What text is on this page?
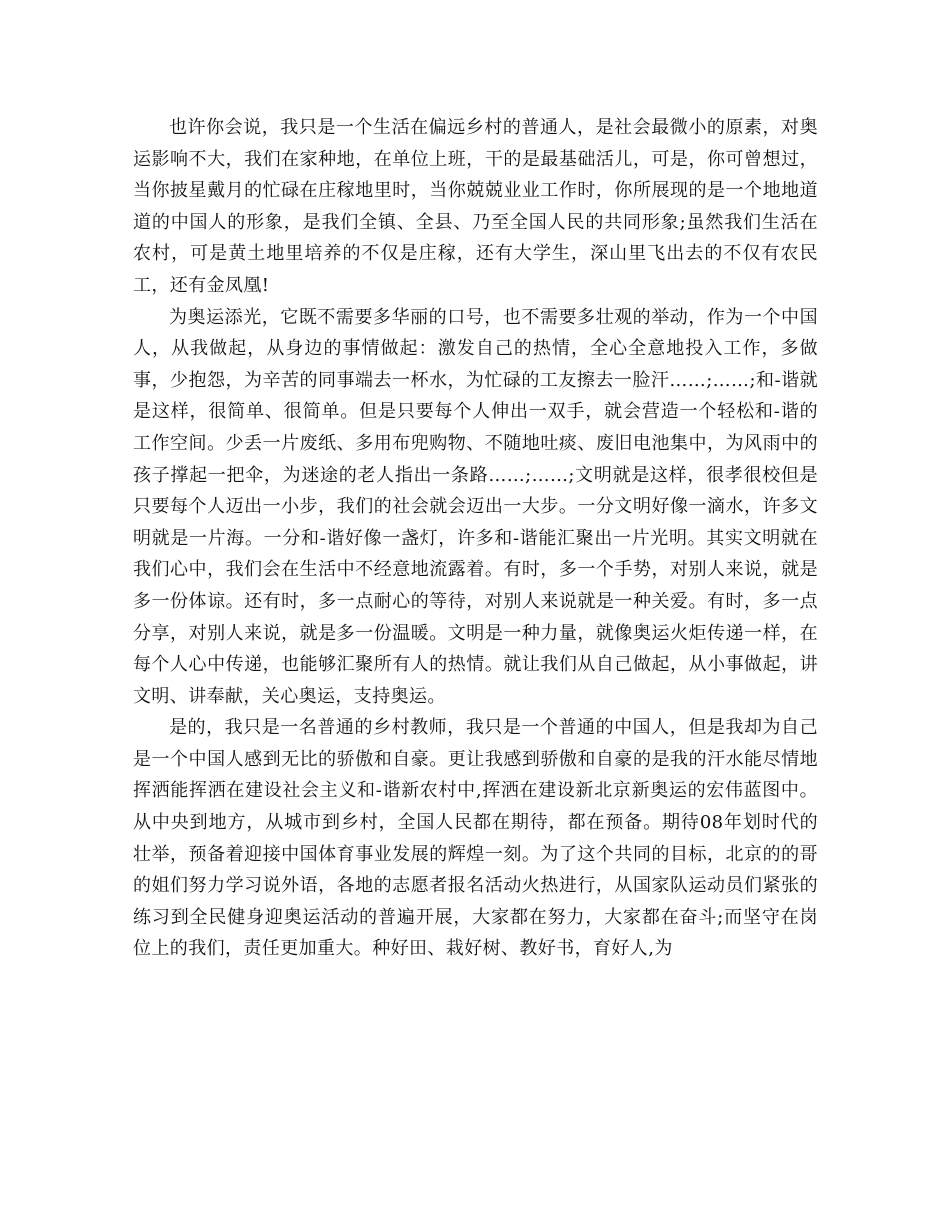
也许你会说，我只是一个生活在偏远乡村的普通人，是社会最微小的原素，对奥运影响不大，我们在家种地，在单位上班，干的是最基础活儿，可是，你可曾想过，当你披星戴月的忙碌在庄稼地里时，当你兢兢业业工作时，你所展现的是一个地地道道的中国人的形象，是我们全镇、全县、乃至全国人民的共同形象;虽然我们生活在农村，可是黄土地里培养的不仅是庄稼，还有大学生，深山里飞出去的不仅有农民工，还有金凤凰!

为奥运添光，它既不需要多华丽的口号，也不需要多壮观的举动，作为一个中国人，从我做起，从身边的事情做起：激发自己的热情，全心全意地投入工作，多做事，少抱怨，为辛苦的同事端去一杯水，为忙碌的工友擦去一脸汗……;……;和-谐就是这样，很简单、很简单。但是只要每个人伸出一双手，就会营造一个轻松和-谐的工作空间。少丢一片废纸、多用布兜购物、不随地吐痰、废旧电池集中，为风雨中的孩子撑起一把伞，为迷途的老人指出一条路……;……;文明就是这样，很孝很校但是只要每个人迈出一小步，我们的社会就会迈出一大步。一分文明好像一滴水，许多文明就是一片海。一分和-谐好像一盏灯，许多和-谐能汇聚出一片光明。其实文明就在我们心中，我们会在生活中不经意地流露着。有时，多一个手势，对别人来说，就是多一份体谅。还有时，多一点耐心的等待，对别人来说就是一种关爱。有时，多一点分享，对别人来说，就是多一份温暖。文明是一种力量，就像奥运火炬传递一样，在每个人心中传递，也能够汇聚所有人的热情。就让我们从自己做起，从小事做起，讲文明、讲奉献，关心奥运，支持奥运。

是的，我只是一名普通的乡村教师，我只是一个普通的中国人，但是我却为自己是一个中国人感到无比的骄傲和自豪。更让我感到骄傲和自豪的是我的汗水能尽情地挥洒能挥洒在建设社会主义和-谐新农村中,挥洒在建设新北京新奥运的宏伟蓝图中。从中央到地方，从城市到乡村，全国人民都在期待，都在预备。期待08年划时代的壮举，预备着迎接中国体育事业发展的辉煌一刻。为了这个共同的目标，北京的的哥的姐们努力学习说外语，各地的志愿者报名活动火热进行，从国家队运动员们紧张的练习到全民健身迎奥运活动的普遍开展，大家都在努力，大家都在奋斗;而坚守在岗位上的我们，责任更加重大。种好田、栽好树、教好书，育好人,为
